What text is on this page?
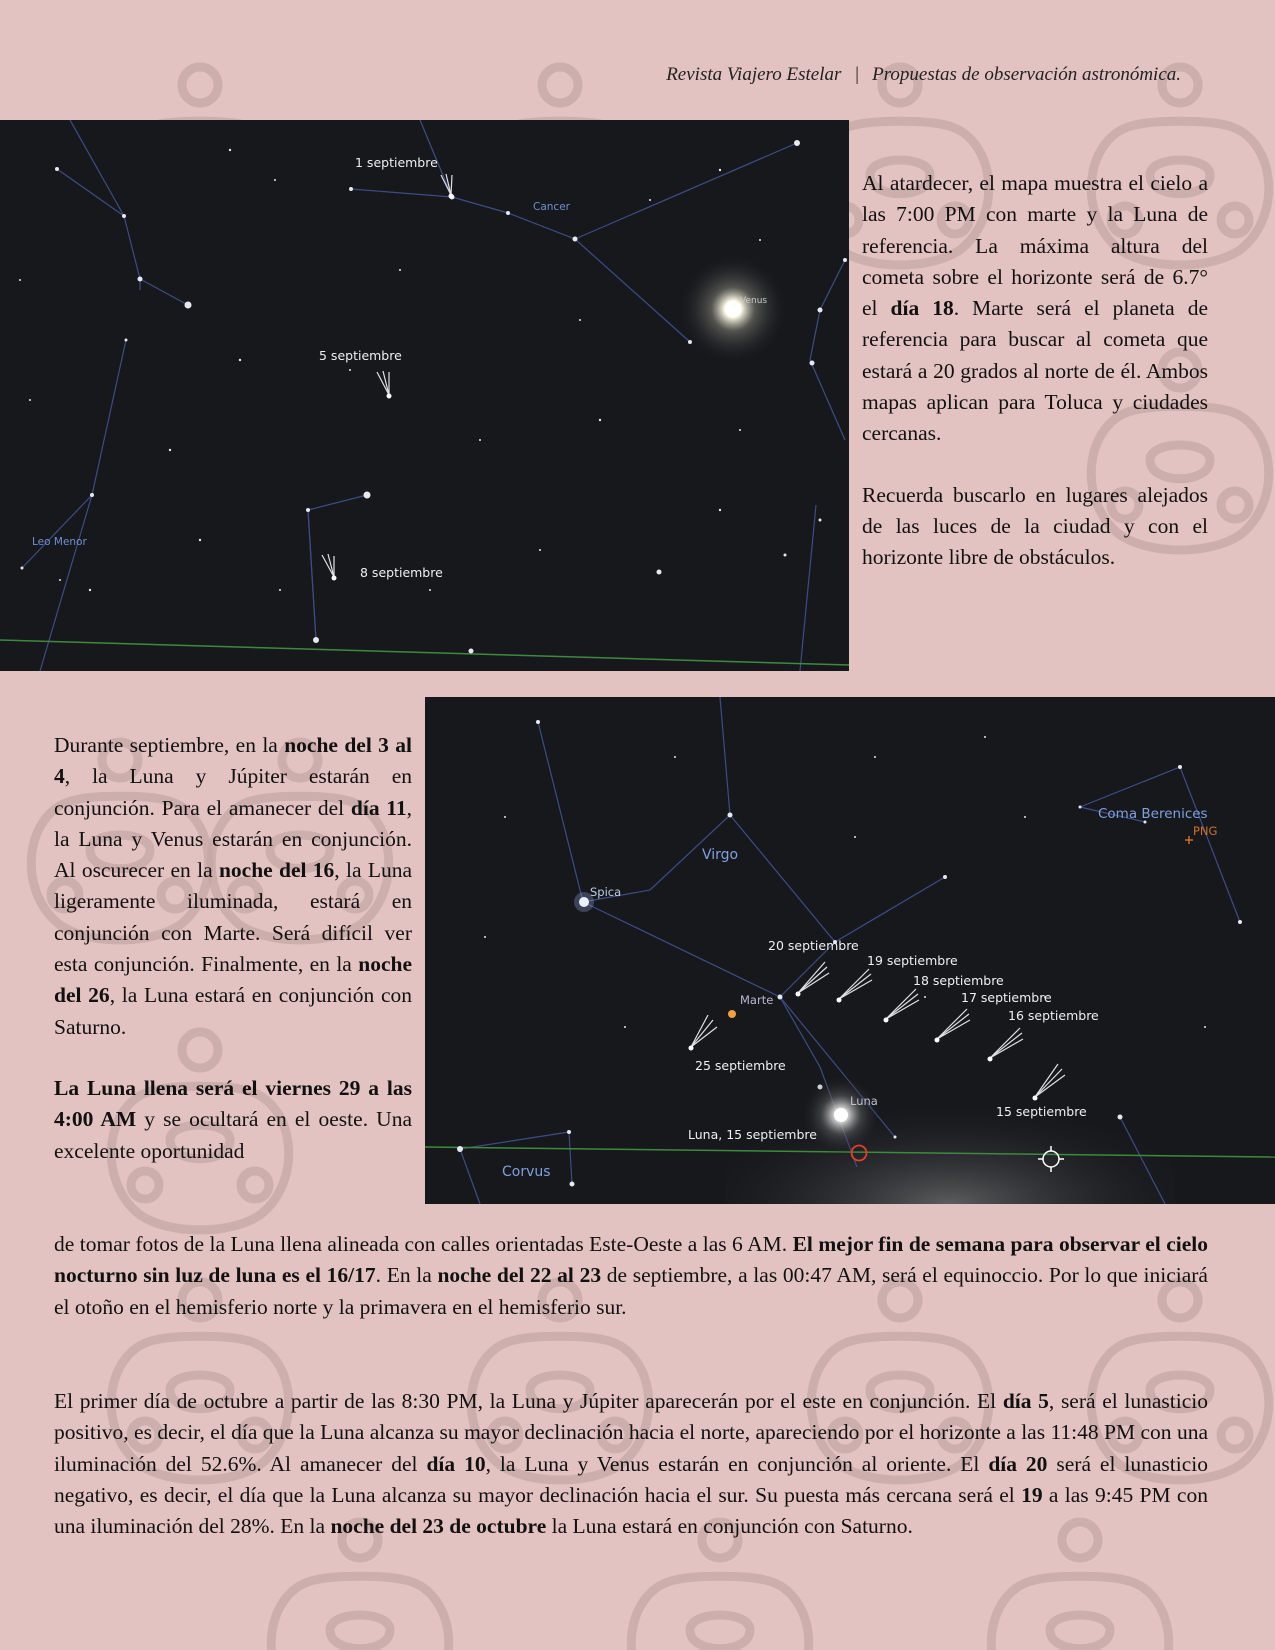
Revista Viajero Estelar | Propuestas de observación astronómica.
1 septiembre
5 septiembre
8 septiembre
Cancer
Leo Menor
Venus

Al atardecer, el mapa muestra el cielo a las 7:00 PM con marte y la Luna de referencia. La máxima altura del cometa sobre el horizonte será de 6.7° el día 18. Marte será el planeta de referencia para buscar al cometa que estará a 20 grados al norte de él. Ambos mapas aplican para Toluca y ciudades cercanas.

Recuerda buscarlo en lugares alejados de las luces de la ciudad y con el horizonte libre de obstáculos.

20 septiembre
19 septiembre
18 septiembre
17 septiembre
16 septiembre
15 septiembre
25 septiembre
Luna, 15 septiembre
Coma Berenices
Virgo
Spica
Corvus
Marte
Luna
PNG

Durante septiembre, en la noche del 3 al 4, la Luna y Júpiter estarán en conjunción. Para el amanecer del día 11, la Luna y Venus estarán en conjunción. Al oscurecer en la noche del 16, la Luna ligeramente iluminada, estará en conjunción con Marte. Será difícil ver esta conjunción. Finalmente, en la noche del 26, la Luna estará en conjunción con Saturno.

La Luna llena será el viernes 29 a las 4:00 AM y se ocultará en el oeste. Una excelente oportunidad

de tomar fotos de la Luna llena alineada con calles orientadas Este-Oeste a las 6 AM. El mejor fin de semana para observar el cielo nocturno sin luz de luna es el 16/17. En la noche del 22 al 23 de septiembre, a las 00:47 AM, será el equinoccio. Por lo que iniciará el otoño en el hemisferio norte y la primavera en el hemisferio sur.

El primer día de octubre a partir de las 8:30 PM, la Luna y Júpiter aparecerán por el este en conjunción. El día 5, será el lunasticio positivo, es decir, el día que la Luna alcanza su mayor declinación hacia el norte, apareciendo por el horizonte a las 11:48 PM con una iluminación del 52.6%. Al amanecer del día 10, la Luna y Venus estarán en conjunción al oriente. El día 20 será el lunasticio negativo, es decir, el día que la Luna alcanza su mayor declinación hacia el sur. Su puesta más cercana será el 19 a las 9:45 PM con una iluminación del 28%. En la noche del 23 de octubre la Luna estará en conjunción con Saturno.
